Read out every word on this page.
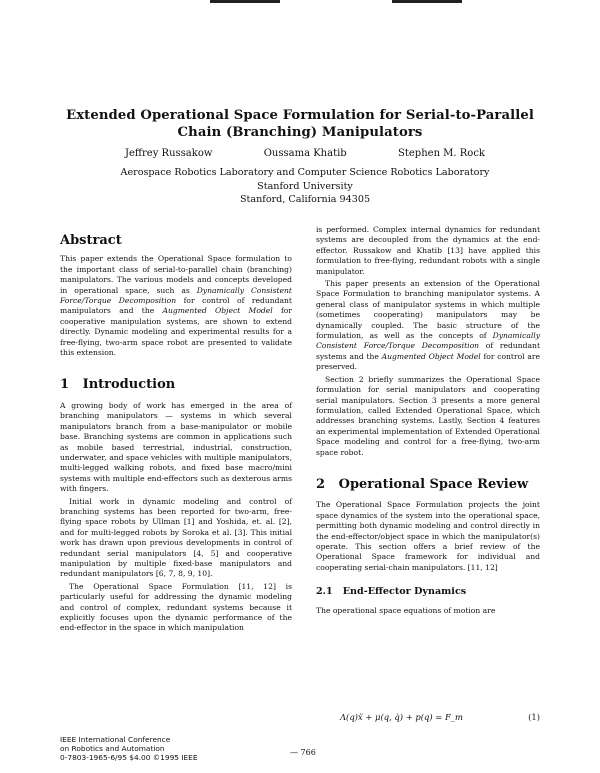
Extended Operational Space Formulation for Serial-to-Parallel
Chain (Branching) Manipulators
Jeffrey Russakow	Oussama Khatib	Stephen M. Rock
Aerospace Robotics Laboratory and Computer Science Robotics Laboratory
Stanford University
Stanford, California 94305
Abstract

This paper extends the Operational Space formulation to the important class of serial-to-parallel chain (branching) manipulators. The various models and concepts developed in operational space, such as Dynamically Consistent Force/Torque Decomposition for control of redundant manipulators and the Augmented Object Model for cooperative manipulation systems, are shown to extend directly. Dynamic modeling and experimental results for a free-flying, two-arm space robot are presented to validate this extension.

1 Introduction

A growing body of work has emerged in the area of branching manipulators — systems in which several manipulators branch from a base-manipulator or mobile base. Branching systems are common in applications such as mobile based terrestrial, industrial, construction, underwater, and space vehicles with multiple manipulators, multi-legged walking robots, and fixed base macro/mini systems with multiple end-effectors such as dexterous arms with fingers.

Initial work in dynamic modeling and control of branching systems has been reported for two-arm, free-flying space robots by Ullman [1] and Yoshida, et. al. [2], and for multi-legged robots by Soroka et al. [3]. This initial work has drawn upon previous developments in control of redundant serial manipulators [4, 5] and cooperative manipulation by multiple fixed-base manipulators and redundant manipulators [6, 7, 8, 9, 10].

The Operational Space Formulation [11, 12] is particularly useful for addressing the dynamic modeling and control of complex, redundant systems because it explicitly focuses upon the dynamic performance of the end-effector in the space in which manipulation

is performed. Complex internal dynamics for redundant systems are decoupled from the dynamics at the end-effector. Russakow and Khatib [13] have applied this formulation to free-flying, redundant robots with a single manipulator.

This paper presents an extension of the Operational Space Formulation to branching manipulator systems. A general class of manipulator systems in which multiple (sometimes cooperating) manipulators may be dynamically coupled. The basic structure of the formulation, as well as the concepts of Dynamically Consistent Force/Torque Decomposition of redundant systems and the Augmented Object Model for control are preserved.

Section 2 briefly summarizes the Operational Space formulation for serial manipulators and cooperating serial manipulators. Section 3 presents a more general formulation, called Extended Operational Space, which addresses branching systems. Lastly, Section 4 features an experimental implementation of Extended Operational Space modeling and control for a free-flying, two-arm space robot.

2 Operational Space Review

The Operational Space Formulation projects the joint space dynamics of the system into the operational space, permitting both dynamic modeling and control directly in the end-effector/object space in which the manipulator(s) operate. This section offers a brief review of the Operational Space framework for individual and cooperating serial-chain manipulators. [11, 12]

2.1 End-Effector Dynamics

The operational space equations of motion are

Λ(q)ẍ + μ(q, q̇) + p(q) = F_m	(1)
IEEE International Conference
on Robotics and Automation
0-7803-1965-6/95 $4.00 ©1995 IEEE
— 766
